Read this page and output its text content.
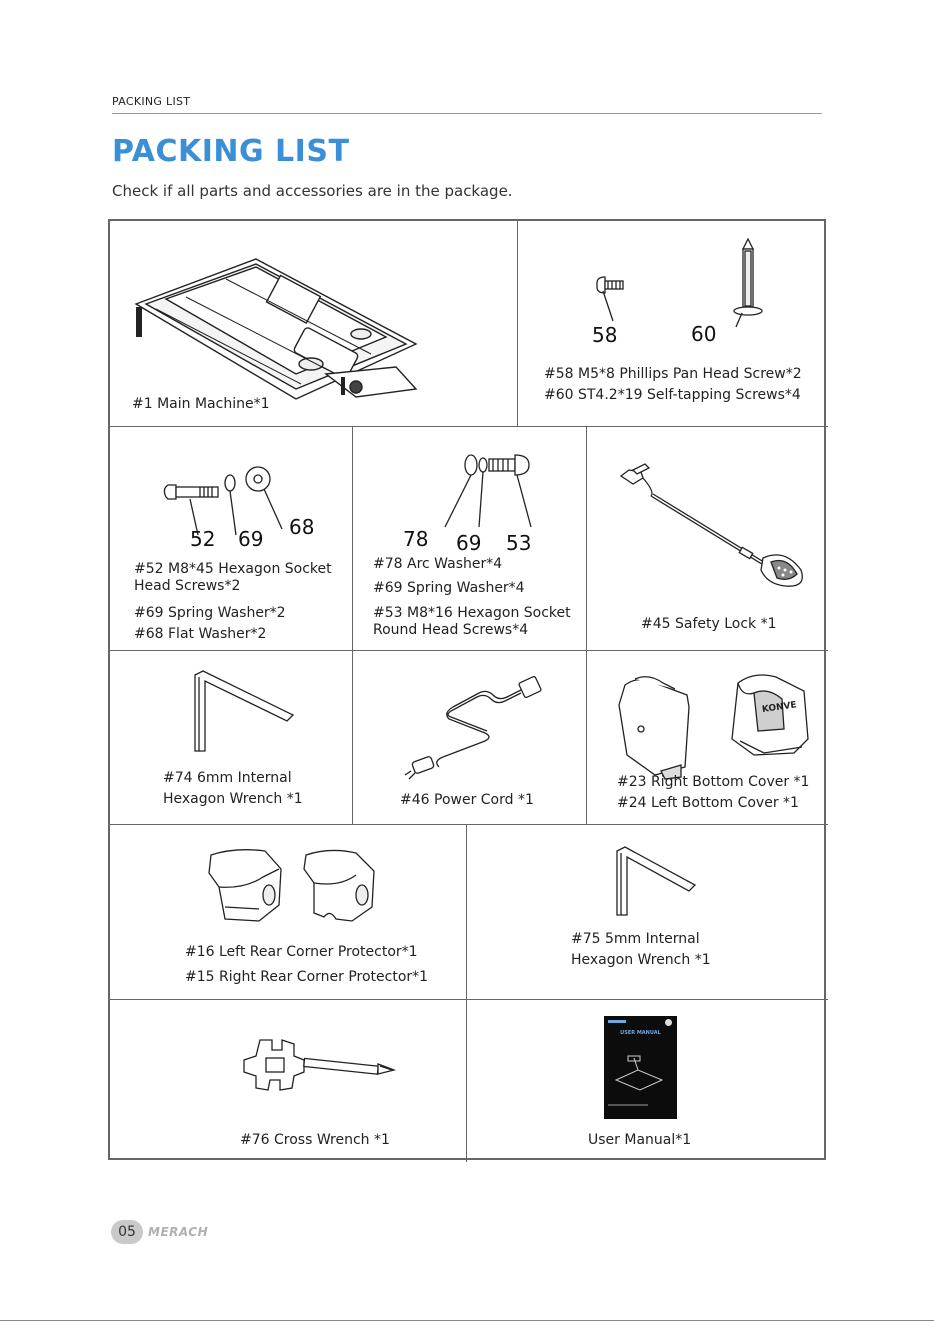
PACKING LIST
PACKING LIST
Check if all parts and accessories are in the package.
#1 Main Machine*1
58	60
#58 M5*8 Phillips Pan Head Screw*2
#60 ST4.2*19 Self-tapping Screws*4
52 69 68
#52 M8*45 Hexagon Socket
Head Screws*2
#69 Spring Washer*2
#68 Flat Washer*2
78 69 53
#78 Arc Washer*4
#69 Spring Washer*4
#53 M8*16 Hexagon Socket
Round Head Screws*4	#45 Safety Lock *1
#74 6mm Internal
Hexagon Wrench *1	#46 Power Cord *1
KONVE
#23 Right Bottom Cover *1
#24 Left Bottom Cover *1
#16 Left Rear Corner Protector*1
#15 Right Rear Corner Protector*1
#75 5mm Internal
Hexagon Wrench *1
#76 Cross Wrench *1
USER MANUAL
User Manual*1
05	MERACH
